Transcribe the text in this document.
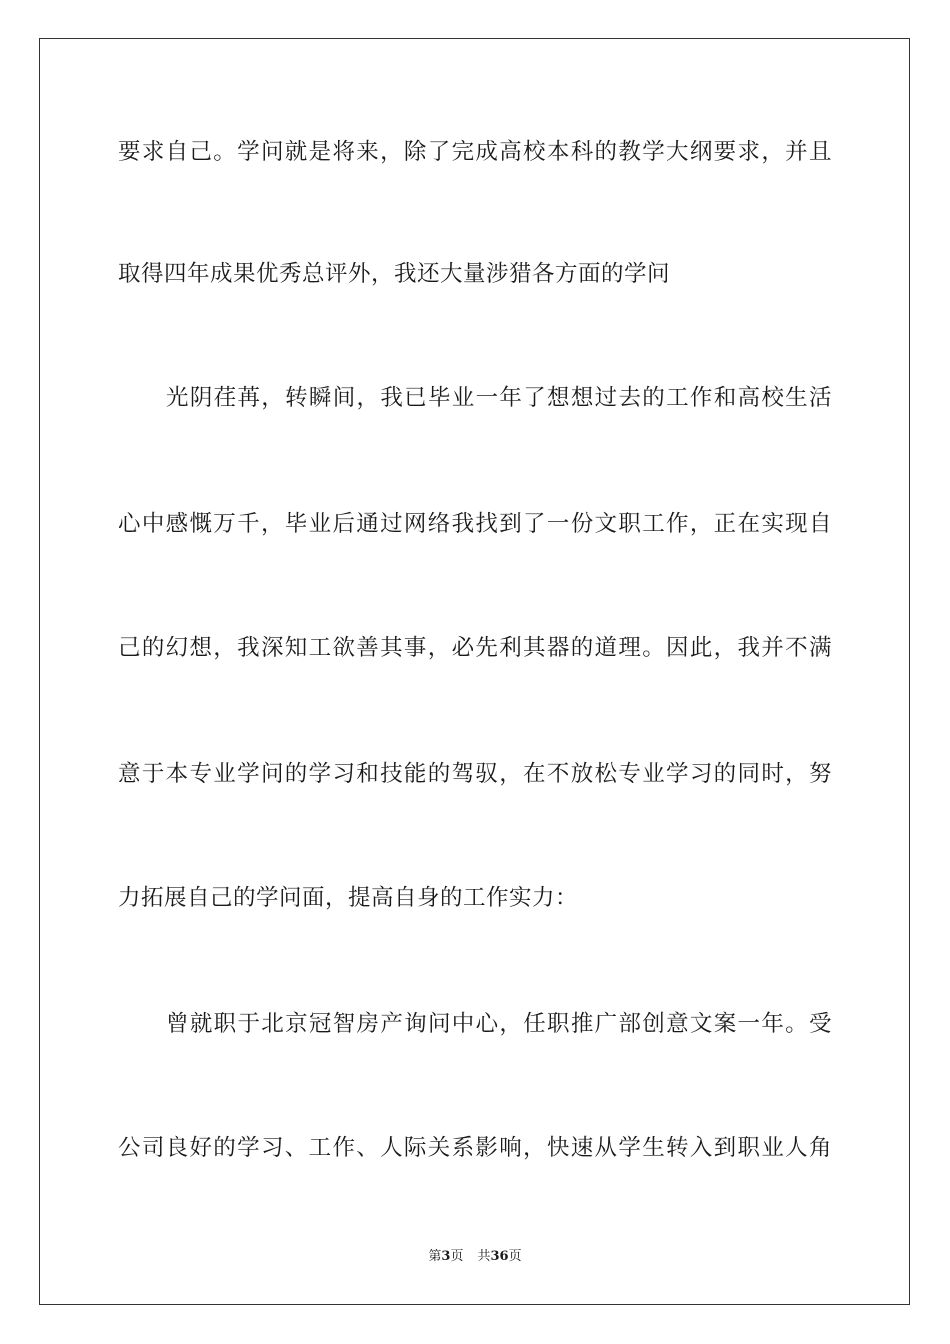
要求自己。学问就是将来，除了完成高校本科的教学大纲要求，并且
取得四年成果优秀总评外，我还大量涉猎各方面的学问
光阴荏苒，转瞬间，我已毕业一年了想想过去的工作和高校生活
心中感慨万千，毕业后通过网络我找到了一份文职工作，正在实现自
己的幻想，我深知工欲善其事，必先利其器的道理。因此，我并不满
意于本专业学问的学习和技能的驾驭，在不放松专业学习的同时，努
力拓展自己的学问面，提高自身的工作实力：
曾就职于北京冠智房产询问中心，任职推广部创意文案一年。受
公司良好的学习、工作、人际关系影响，快速从学生转入到职业人角
第3页 共36页
